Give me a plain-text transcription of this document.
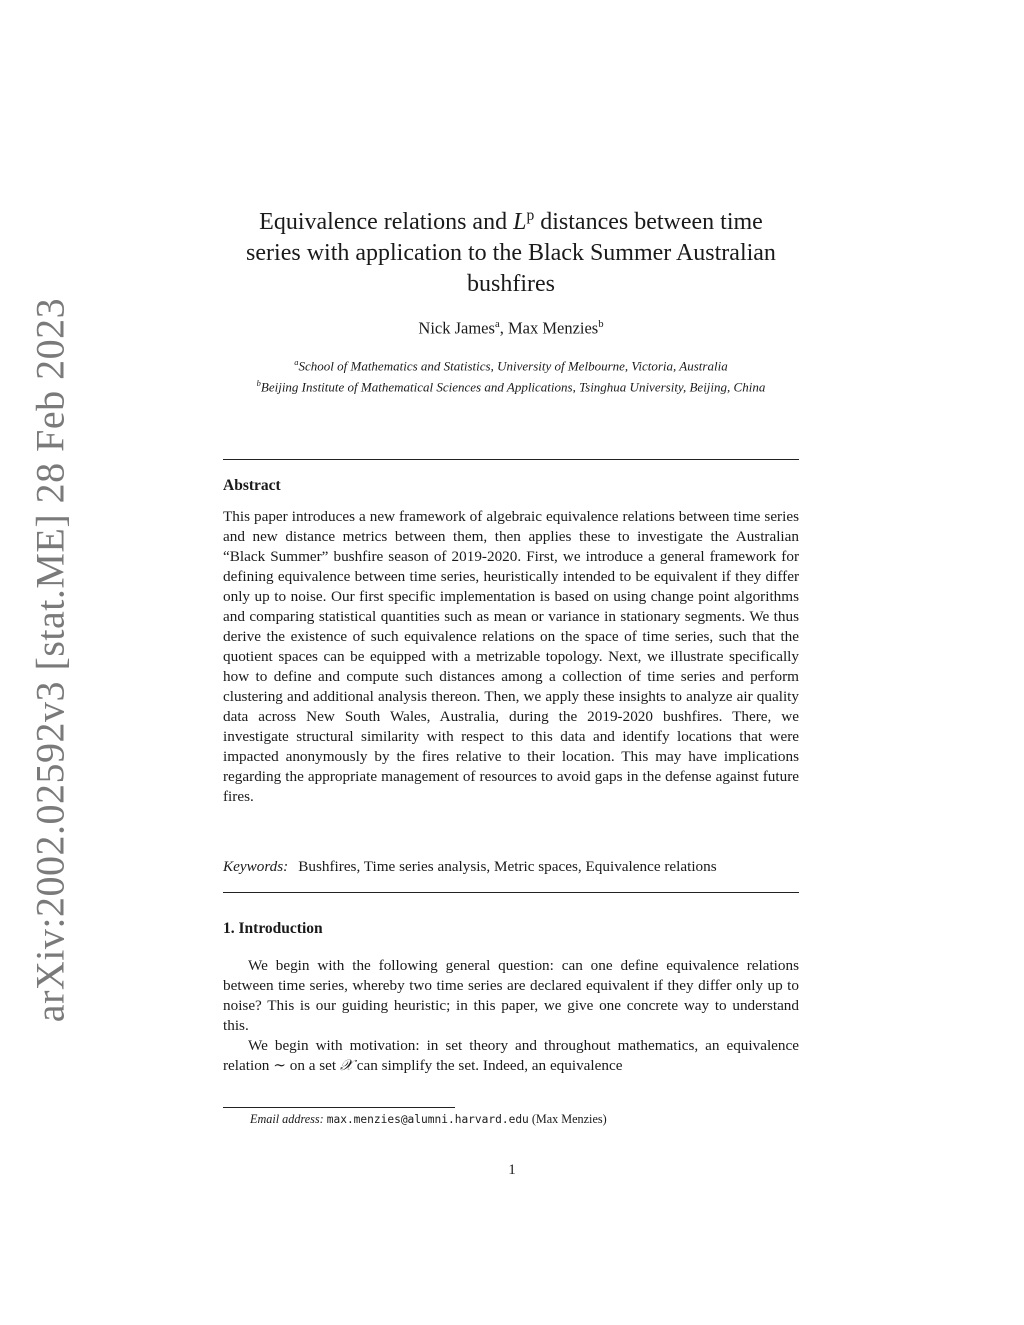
arXiv:2002.02592v3 [stat.ME] 28 Feb 2023
Equivalence relations and $L^p$ distances between time
series with application to the Black Summer Australian
bushfires
Nick James$^a$, Max Menzies$^b$
$^a$School of Mathematics and Statistics, University of Melbourne, Victoria, Australia
$^b$Beijing Institute of Mathematical Sciences and Applications, Tsinghua University, Beijing, China
Abstract
This paper introduces a new framework of algebraic equivalence relations between time series and new distance metrics between them, then applies these to investigate the Australian “Black Summer” bushfire season of 2019-2020. First, we introduce a general framework for defining equivalence between time series, heuristically intended to be equivalent if they differ only up to noise. Our first specific implementation is based on using change point algorithms and comparing statistical quantities such as mean or variance in stationary segments. We thus derive the existence of such equivalence relations on the space of time series, such that the quotient spaces can be equipped with a metrizable topology. Next, we illustrate specifically how to define and compute such distances among a collection of time series and perform clustering and additional analysis thereon. Then, we apply these insights to analyze air quality data across New South Wales, Australia, during the 2019-2020 bushfires. There, we investigate structural similarity with respect to this data and identify locations that were impacted anonymously by the fires relative to their location. This may have implications regarding the appropriate management of resources to avoid gaps in the defense against future fires.
Keywords: Bushfires, Time series analysis, Metric spaces, Equivalence relations
1. Introduction

We begin with the following general question: can one define equivalence relations between time series, whereby two time series are declared equivalent if they differ only up to noise? This is our guiding heuristic; in this paper, we give one concrete way to understand this.

We begin with motivation: in set theory and throughout mathematics, an equivalence relation ∼ on a set 𝒳 can simplify the set. Indeed, an equivalence

Email address: max.menzies@alumni.harvard.edu (Max Menzies)
1
